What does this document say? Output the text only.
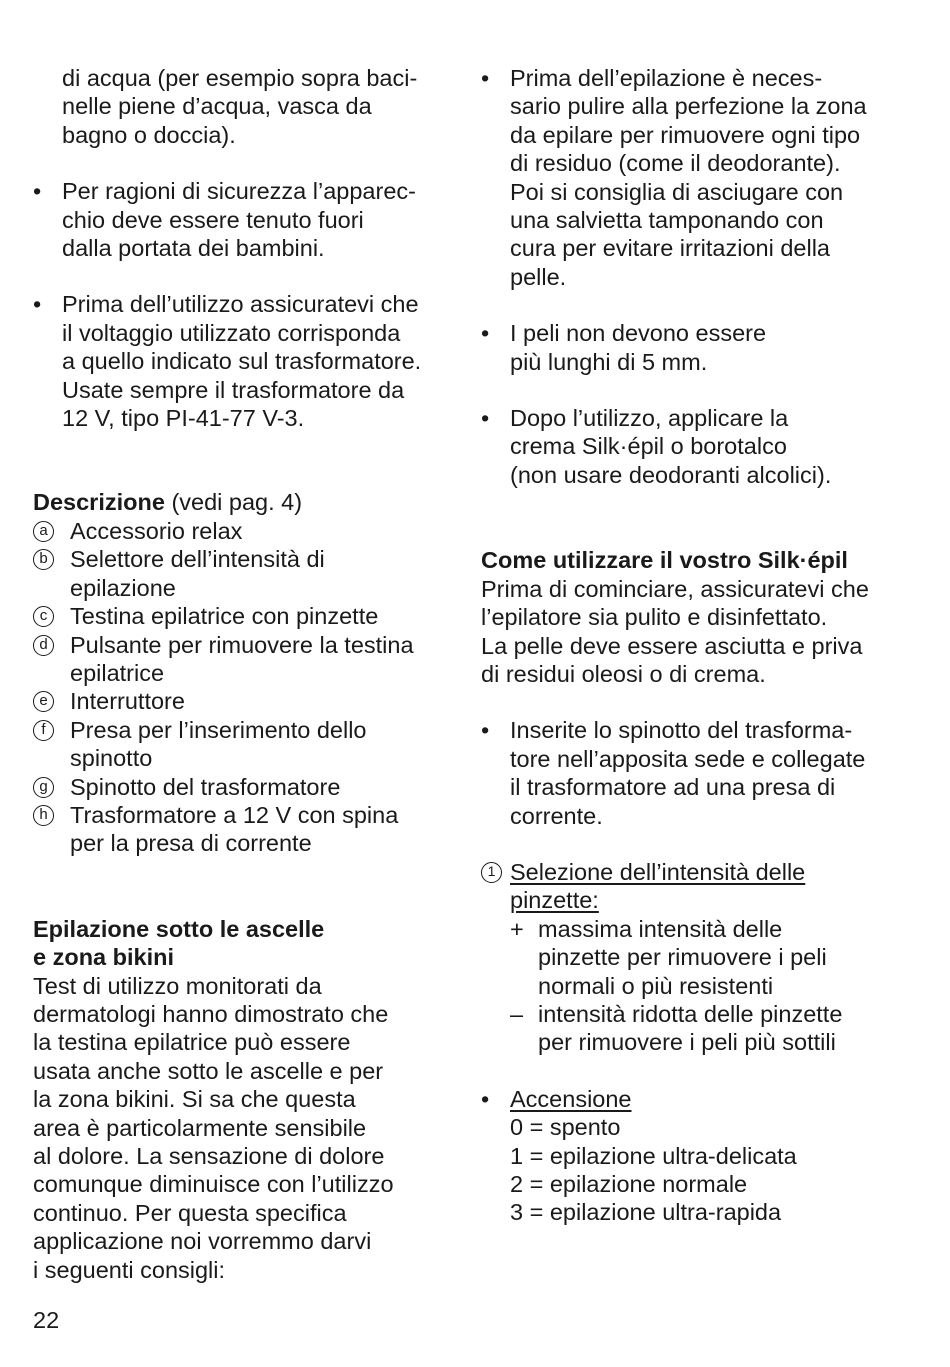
di acqua (per esempio sopra baci-
nelle piene d’acqua, vasca da
bagno o doccia).
• Per ragioni di sicurezza l’apparec-
chio deve essere tenuto fuori
dalla portata dei bambini.
• Prima dell’utilizzo assicuratevi che
il voltaggio utilizzato corrisponda
a quello indicato sul trasformatore.
Usate sempre il trasformatore da
12 V, tipo PI-41-77 V-3.
Descrizione (vedi pag. 4)
a Accessorio relax
b Selettore dell’intensità di
epilazione
c Testina epilatrice con pinzette
d Pulsante per rimuovere la testina
epilatrice
e Interruttore
f	Presa per l’inserimento dello
spinotto
g Spinotto del trasformatore
h Trasformatore a 12 V con spina
per la presa di corrente
Epilazione sotto le ascelle
e zona bikini
Test di utilizzo monitorati da
dermatologi hanno dimostrato che
la testina epilatrice può essere
usata anche sotto le ascelle e per
la zona bikini. Si sa che questa
area è particolarmente sensibile
al dolore. La sensazione di dolore
comunque diminuisce con l’utilizzo
continuo. Per questa specifica
applicazione noi vorremmo darvi
i seguenti consigli:
• Prima dell’epilazione è neces-
sario pulire alla perfezione la zona
da epilare per rimuovere ogni tipo
di residuo (come il deodorante).
Poi si consiglia di asciugare con
una salvietta tamponando con
cura per evitare irritazioni della
pelle.
• I peli non devono essere
più lunghi di 5 mm.
• Dopo l’utilizzo, applicare la
crema Silk·épil o borotalco
(non usare deodoranti alcolici).
Come utilizzare il vostro Silk·épil
Prima di cominciare, assicuratevi che
l’epilatore sia pulito e disinfettato.
La pelle deve essere asciutta e priva
di residui oleosi o di crema.
• Inserite lo spinotto del trasforma-
tore nell’apposita sede e collegate
il trasformatore ad una presa di
corrente.
1 Selezione dell’intensità delle
pinzette:
+ massima intensità delle
pinzette per rimuovere i peli
normali o più resistenti
– intensità ridotta delle pinzette
per rimuovere i peli più sottili
• Accensione
0 = spento
1 = epilazione ultra-delicata
2 = epilazione normale
3 = epilazione ultra-rapida
22
